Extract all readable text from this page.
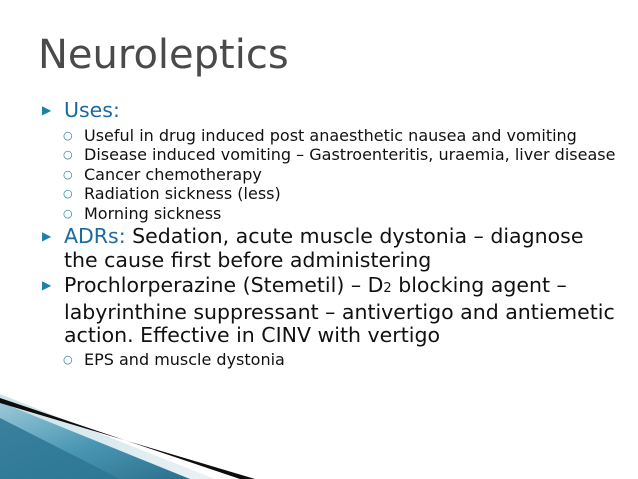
Neuroleptics
▶ Uses:
○ Useful in drug induced post anaesthetic nausea and vomiting
○ Disease induced vomiting – Gastroenteritis, uraemia, liver disease
○ Cancer chemotherapy
○ Radiation sickness (less)
○ Morning sickness
▶ ADRs: Sedation, acute muscle dystonia – diagnose the cause first before administering
▶ Prochlorperazine (Stemetil) – D2 blocking agent – labyrinthine suppressant – antivertigo and antiemetic action. Effective in CINV with vertigo
○ EPS and muscle dystonia
